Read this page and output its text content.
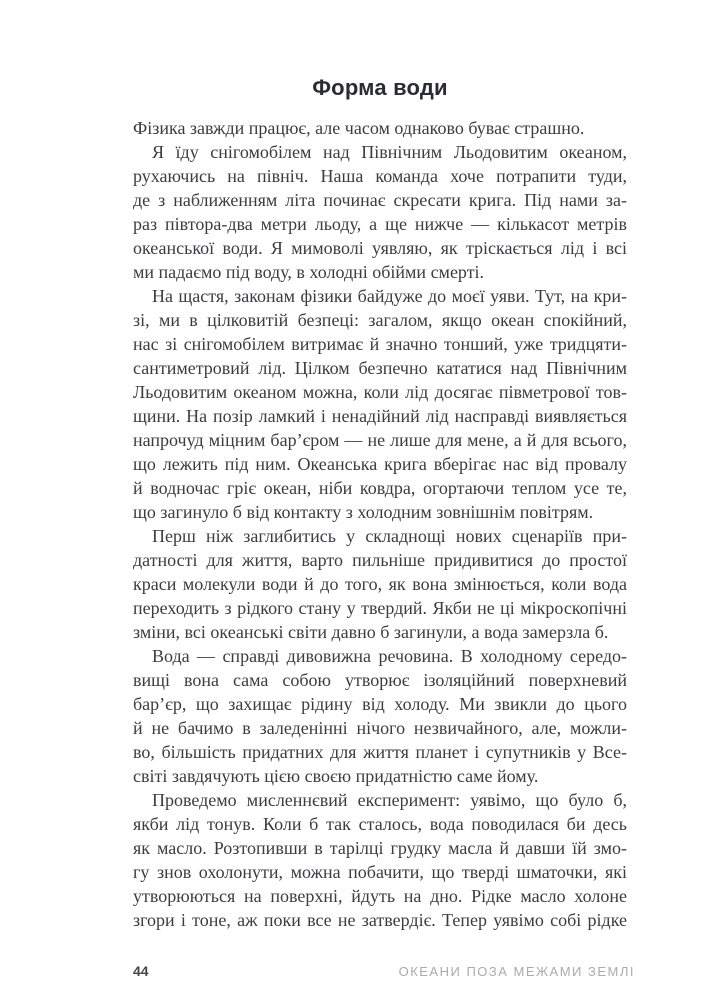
Форма води
Фізика завжди працює, але часом однаково буває страшно.
Я їду снігомобілем над Північним Льодовитим океаном,
рухаючись на північ. Наша команда хоче потрапити туди,
де з наближенням літа починає скресати крига. Під нами за-
раз півтора-два метри льоду, а ще нижче — кількасот метрів
океанської води. Я мимоволі уявляю, як тріскається лід і всі
ми падаємо під воду, в холодні обійми смерті.
На щастя, законам фізики байдуже до моєї уяви. Тут, на кри-
зі, ми в цілковитій безпеці: загалом, якщо океан спокійний,
нас зі снігомобілем витримає й значно тонший, уже тридцяти-
сантиметровий лід. Цілком безпечно кататися над Північним
Льодовитим океаном можна, коли лід досягає півметрової тов-
щини. На позір ламкий і ненадійний лід насправді виявляється
напрочуд міцним бар’єром — не лише для мене, а й для всього,
що лежить під ним. Океанська крига вберігає нас від провалу
й водночас гріє океан, ніби ковдра, огортаючи теплом усе те,
що загинуло б від контакту з холодним зовнішнім повітрям.
Перш ніж заглибитись у складнощі нових сценаріїв при-
датності для життя, варто пильніше придивитися до простої
краси молекули води й до того, як вона змінюється, коли вода
переходить з рідкого стану у твердий. Якби не ці мікроскопічні
зміни, всі океанські світи давно б загинули, а вода замерзла б.
Вода — справді дивовижна речовина. В холодному середо-
вищі вона сама собою утворює ізоляційний поверхневий
бар’єр, що захищає рідину від холоду. Ми звикли до цього
й не бачимо в заледенінні нічого незвичайного, але, можли-
во, більшість придатних для життя планет і супутників у Все-
світі завдячують цією своєю придатністю саме йому.
Проведемо мисленнєвий експеримент: уявімо, що було б,
якби лід тонув. Коли б так сталось, вода поводилася би десь
як масло. Розтопивши в тарілці грудку масла й давши їй змо-
гу знов охолонути, можна побачити, що тверді шматочки, які
утворюються на поверхні, йдуть на дно. Рідке масло холоне
згори і тоне, аж поки все не затвердіє. Тепер уявімо собі рідке
44	ОКЕАНИ ПОЗА МЕЖАМИ ЗЕМЛІ
